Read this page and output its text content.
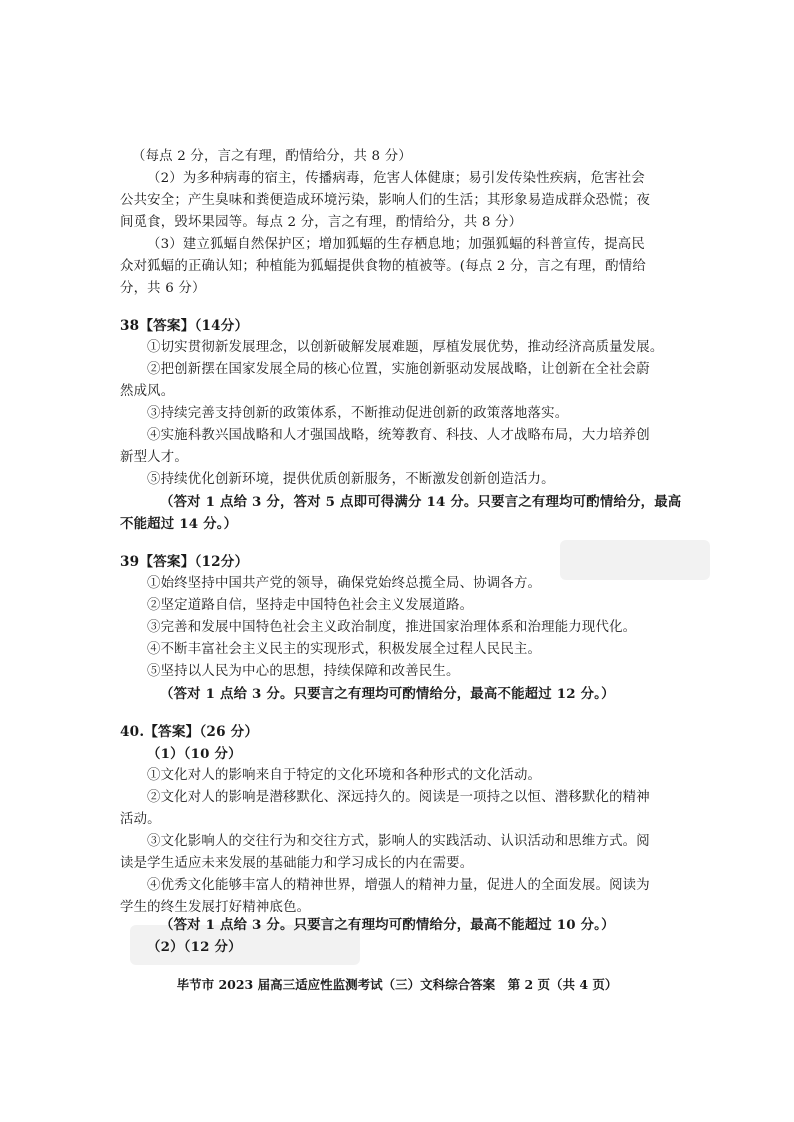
（每点 2 分，言之有理，酌情给分，共 8 分）
（2）为多种病毒的宿主，传播病毒，危害人体健康；易引发传染性疾病，危害社会
公共安全；产生臭味和粪便造成环境污染，影响人们的生活；其形象易造成群众恐慌；夜
间觅食，毁坏果园等。每点 2 分，言之有理，酌情给分，共 8 分）
（3）建立狐蝠自然保护区；增加狐蝠的生存栖息地；加强狐蝠的科普宣传，提高民
众对狐蝠的正确认知；种植能为狐蝠提供食物的植被等。(每点 2 分，言之有理，酌情给
分，共 6 分）
38【答案】（14分）
①切实贯彻新发展理念，以创新破解发展难题，厚植发展优势，推动经济高质量发展。
②把创新摆在国家发展全局的核心位置，实施创新驱动发展战略，让创新在全社会蔚
然成风。
③持续完善支持创新的政策体系，不断推动促进创新的政策落地落实。
④实施科教兴国战略和人才强国战略，统筹教育、科技、人才战略布局，大力培养创
新型人才。
⑤持续优化创新环境，提供优质创新服务，不断激发创新创造活力。
（答对 1 点给 3 分，答对 5 点即可得满分 14 分。只要言之有理均可酌情给分，最高
不能超过 14 分。）
39【答案】（12分）
①始终坚持中国共产党的领导，确保党始终总揽全局、协调各方。
②坚定道路自信，坚持走中国特色社会主义发展道路。
③完善和发展中国特色社会主义政治制度，推进国家治理体系和治理能力现代化。
④不断丰富社会主义民主的实现形式，积极发展全过程人民民主。
⑤坚持以人民为中心的思想，持续保障和改善民生。
（答对 1 点给 3 分。只要言之有理均可酌情给分，最高不能超过 12 分。）
40.【答案】（26 分）
（1）（10 分）
①文化对人的影响来自于特定的文化环境和各种形式的文化活动。
②文化对人的影响是潜移默化、深远持久的。阅读是一项持之以恒、潜移默化的精神
活动。
③文化影响人的交往行为和交往方式，影响人的实践活动、认识活动和思维方式。阅
读是学生适应未来发展的基础能力和学习成长的内在需要。
④优秀文化能够丰富人的精神世界，增强人的精神力量，促进人的全面发展。阅读为
学生的终生发展打好精神底色。
（答对 1 点给 3 分。只要言之有理均可酌情给分，最高不能超过 10 分。）
（2）（12 分）
毕节市 2023 届高三适应性监测考试（三）文科综合答案　第 2 页（共 4 页）
